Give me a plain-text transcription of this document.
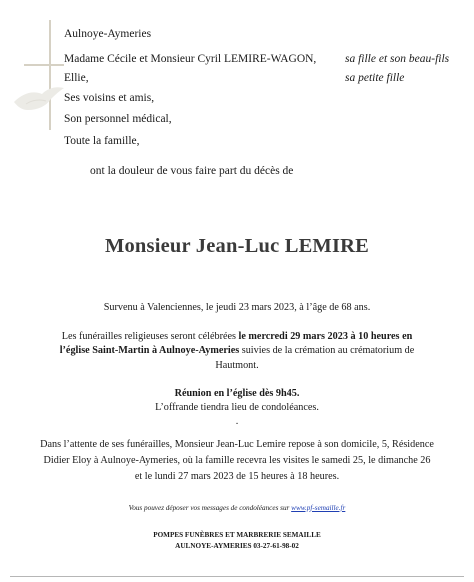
Aulnoye-Aymeries
Madame Cécile et Monsieur Cyril LEMIRE-WAGON, sa fille et son beau-fils
Ellie,	sa petite fille
Ses voisins et amis,
Son personnel médical,
Toute la famille,
ont la douleur de vous faire part du décès de
Monsieur Jean-Luc LEMIRE
Survenu à Valenciennes, le jeudi 23 mars 2023, à l’âge de 68 ans.
Les funérailles religieuses seront célébrées le mercredi 29 mars 2023 à 10 heures en
l’église Saint-Martin à Aulnoye-Aymeries suivies de la crémation au crématorium de
Hautmont.
Réunion en l’église dès 9h45.
L’offrande tiendra lieu de condoléances.
.
Dans l’attente de ses funérailles, Monsieur Jean-Luc Lemire repose à son domicile, 5, Résidence
Didier Eloy à Aulnoye-Aymeries, où la famille recevra les visites le samedi 25, le dimanche 26
et le lundi 27 mars 2023 de 15 heures à 18 heures.
Vous pouvez déposer vos messages de condoléances sur www.pf-semaille.fr
POMPES FUNÈBRES ET MARBRERIE SEMAILLE
AULNOYE-AYMERIES 03-27-61-98-02
